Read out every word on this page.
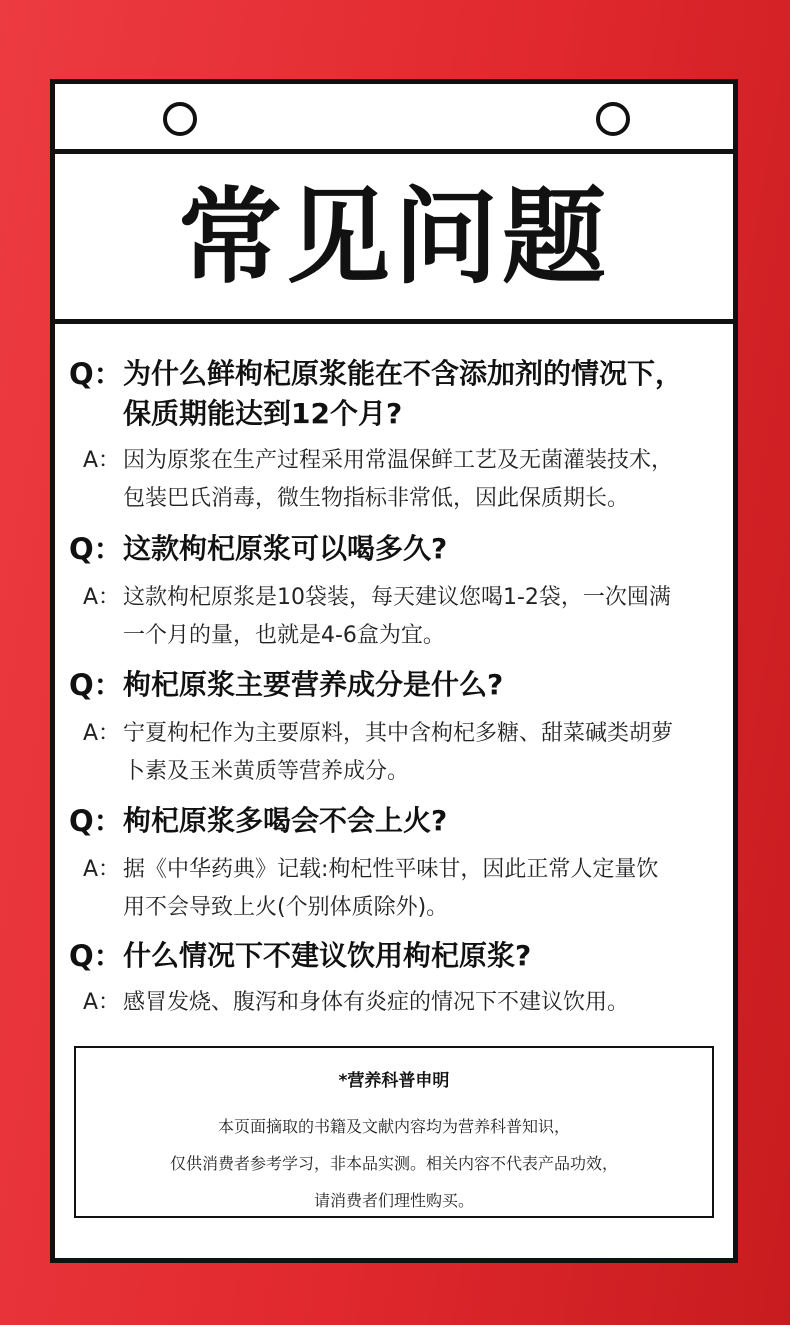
常见问题
Q： 为什么鲜枸杞原浆能在不含添加剂的情况下，

保质期能达到12个月?

A： 因为原浆在生产过程采用常温保鲜工艺及无菌灌装技术，

包装巴氏消毒，微生物指标非常低，因此保质期长。

Q： 这款枸杞原浆可以喝多久?

A： 这款枸杞原浆是10袋装，每天建议您喝1-2袋，一次囤满

一个月的量，也就是4-6盒为宜。

Q： 枸杞原浆主要营养成分是什么?

A： 宁夏枸杞作为主要原料，其中含枸杞多糖、甜菜碱类胡萝

卜素及玉米黄质等营养成分。

Q： 枸杞原浆多喝会不会上火?

A： 据《中华药典》记载:枸杞性平味甘，因此正常人定量饮

用不会导致上火(个别体质除外)。

Q： 什么情况下不建议饮用枸杞原浆?

A： 感冒发烧、腹泻和身体有炎症的情况下不建议饮用。

*营养科普申明

本页面摘取的书籍及文献内容均为营养科普知识，

仅供消费者参考学习，非本品实测。相关内容不代表产品功效，

请消费者们理性购买。
